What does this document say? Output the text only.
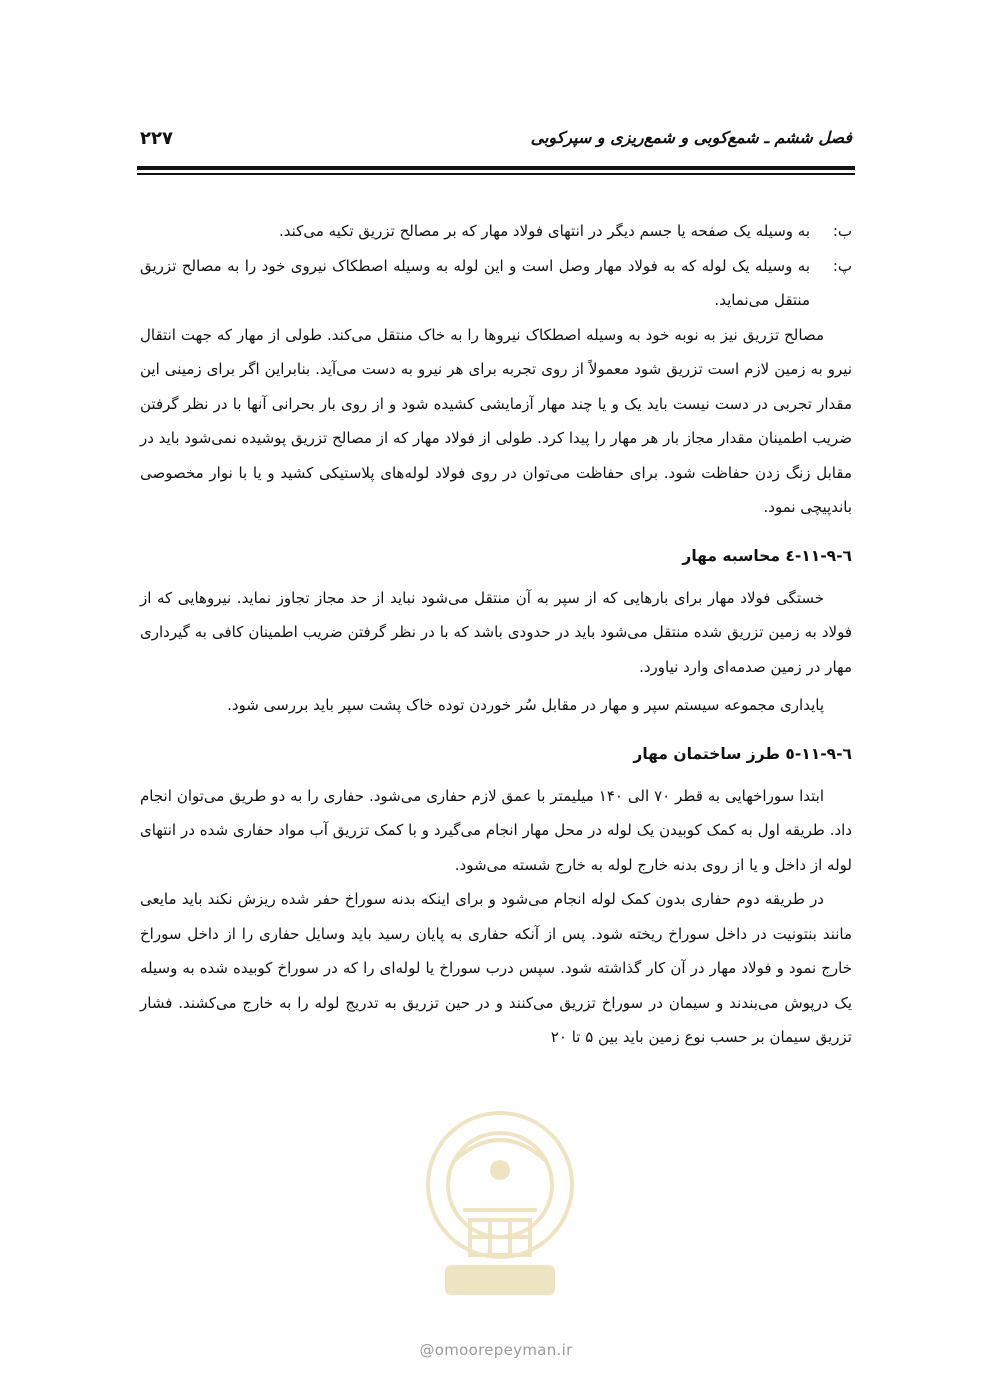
فصل ششم ـ شمع‌کوبی و شمع‌ریزی و سپرکوبی
۲۲۷
ب:
به وسیله یک صفحه یا جسم دیگر در انتهای فولاد مهار که بر مصالح تزریق تکیه می‌کند.
پ:
به وسیله یک لوله که به فولاد مهار وصل است و این لوله به وسیله اصطکاک نیروی خود را به مصالح تزریق منتقل می‌نماید.

مصالح تزریق نیز به نوبه خود به وسیله اصطکاک نیروها را به خاک منتقل می‌کند. طولی از مهار که جهت انتقال نیرو به زمین لازم است تزریق شود معمولاً از روی تجربه برای هر نیرو به دست می‌آید. بنابراین اگر برای زمینی این مقدار تجربی در دست نیست باید یک و یا چند مهار آزمایشی کشیده شود و از روی بار بحرانی آنها با در نظر گرفتن ضریب اطمینان مقدار مجاز بار هر مهار را پیدا کرد. طولی از فولاد مهار که از مصالح تزریق پوشیده نمی‌شود باید در مقابل زنگ زدن حفاظت شود. برای حفاظت می‌توان در روی فولاد لوله‌های پلاستیکی کشید و یا با نوار مخصوصی باندپیچی نمود.

٦-٩-١١-٤ محاسبه مهار

خستگی فولاد مهار برای بارهایی که از سپر به آن منتقل می‌شود نباید از حد مجاز تجاوز نماید. نیروهایی که از فولاد به زمین تزریق شده منتقل می‌شود باید در حدودی باشد که با در نظر گرفتن ضریب اطمینان کافی به گیرداری مهار در زمین صدمه‌ای وارد نیاورد.

پایداری مجموعه سیستم سپر و مهار در مقابل سُر خوردن توده خاک پشت سپر باید بررسی شود.

٦-٩-١١-٥ طرز ساختمان مهار

ابتدا سوراخهایی به قطر ۷۰ الی ۱۴۰ میلیمتر با عمق لازم حفاری می‌شود. حفاری را به دو طریق می‌توان انجام داد. طریقه اول به کمک کوبیدن یک لوله در محل مهار انجام می‌گیرد و با کمک تزریق آب مواد حفاری شده در انتهای لوله از داخل و یا از روی بدنه خارج لوله به خارج شسته می‌شود.

در طریقه دوم حفاری بدون کمک لوله انجام می‌شود و برای اینکه بدنه سوراخ حفر شده ریزش نکند باید مایعی مانند بنتونیت در داخل سوراخ ریخته شود. پس از آنکه حفاری به پایان رسید باید وسایل حفاری را از داخل سوراخ خارج نمود و فولاد مهار در آن کار گذاشته شود. سپس درب سوراخ یا لوله‌ای را که در سوراخ کوبیده شده به وسیله یک درپوش می‌بندند و سیمان در سوراخ تزریق می‌کنند و در حین تزریق به تدریج لوله را به خارج می‌کشند. فشار تزریق سیمان بر حسب نوع زمین باید بین ۵ تا ۲۰

@omoorepeyman.ir
